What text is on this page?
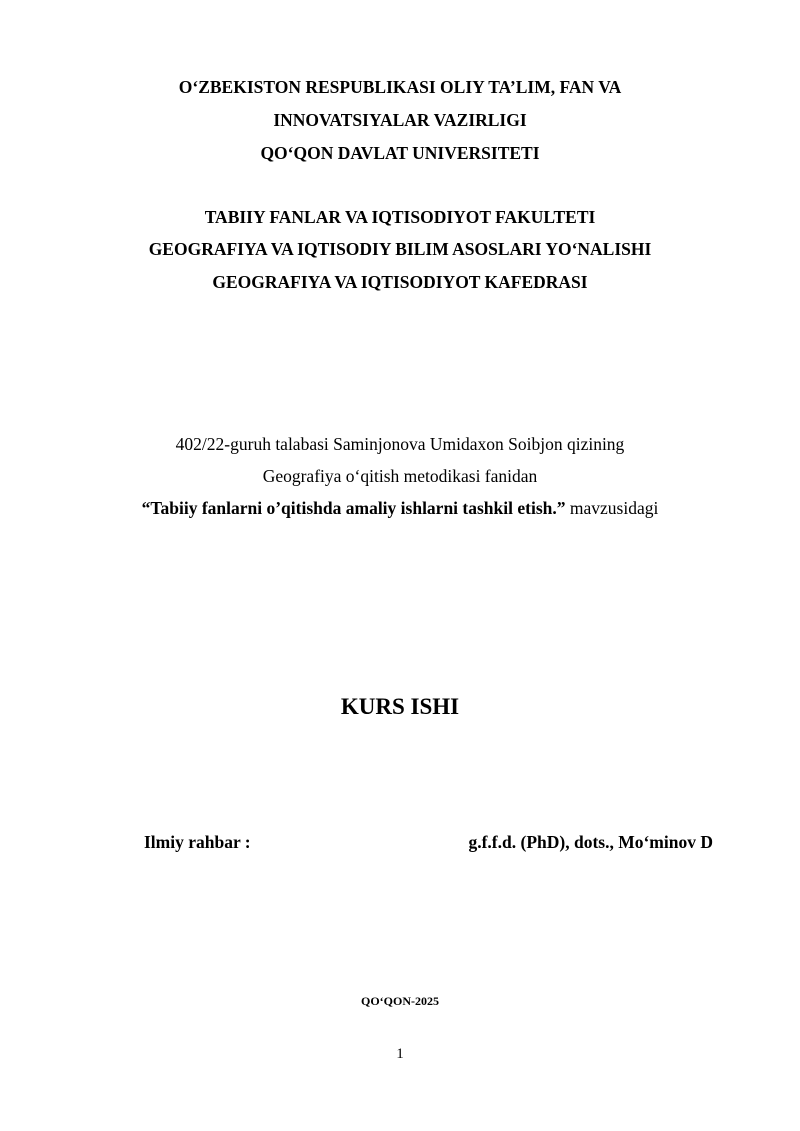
O‘ZBEKISTON RESPUBLIKASI OLIY TA’LIM, FAN VA
INNOVATSIYALAR VAZIRLIGI
QO‘QON DAVLAT UNIVERSITETI
TABIIY FANLAR VA IQTISODIYOT FAKULTETI
GEOGRAFIYA VA IQTISODIY BILIM ASOSLARI YO‘NALISHI
GEOGRAFIYA VA IQTISODIYOT KAFEDRASI
402/22-guruh talabasi Saminjonova Umidaxon Soibjon qizining
Geografiya o‘qitish metodikasi fanidan
“Tabiiy fanlarni o’qitishda amaliy ishlarni tashkil etish.” mavzusidagi
KURS ISHI
Ilmiy rahbar :	g.f.f.d. (PhD), dots., Mo‘minov D
QO‘QON-2025
1
